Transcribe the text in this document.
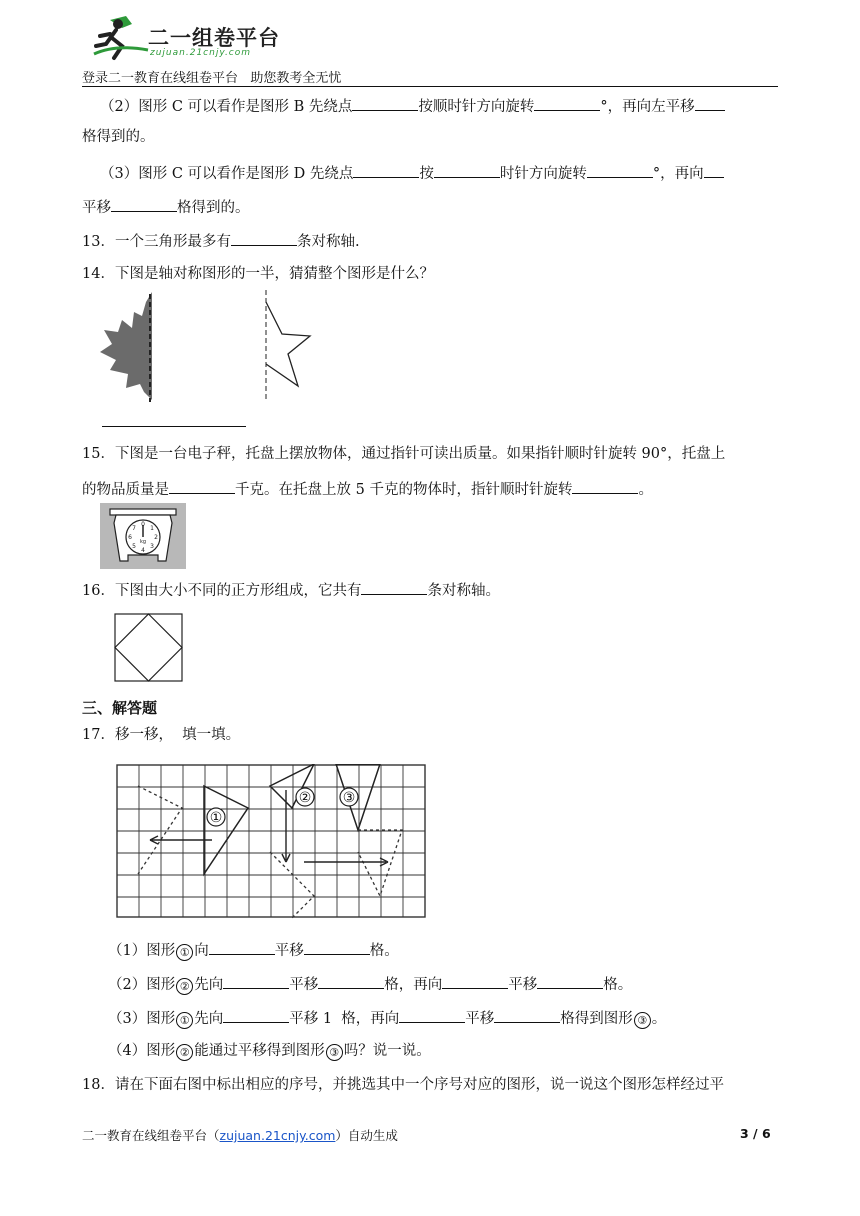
二一组卷平台
zujuan.21cnjy.com
登录二一教育在线组卷平台   助您教考全无忧
（2）图形 C 可以看作是图形 B 先绕点	按顺时针方向旋转	°，再向左平移
格得到的。
（3）图形 C 可以看作是图形 D 先绕点	按	时针方向旋转	°，再向
平移	格得到的。
13．一个三角形最多有	条对称轴.
14．下图是轴对称图形的一半，猜猜整个图形是什么？
15．下图是一台电子秤，托盘上摆放物体，通过指针可读出质量。如果指针顺时针旋转 90°，托盘上
的物品质量是	千克。在托盘上放 5 千克的物体时，指针顺时针旋转	。
0
1
2
3
4
5
6
7
kg
16．下图由大小不同的正方形组成，它共有	条对称轴。
三、解答题
17．移一移，  填一填。
①
② ③
（1）图形 ① 向	平移	格。
（2）图形 ② 先向	平移	格，再向	平移	格。
（3）图形 ① 先向	平移 1  格，再向	平移	格得到图形 ③ 。
（4）图形 ② 能通过平移得到图形 ③ 吗？说一说。
18．请在下面右图中标出相应的序号，并挑选其中一个序号对应的图形，说一说这个图形怎样经过平
二一教育在线组卷平台（zujuan.21cnjy.com）自动生成	3 / 6
